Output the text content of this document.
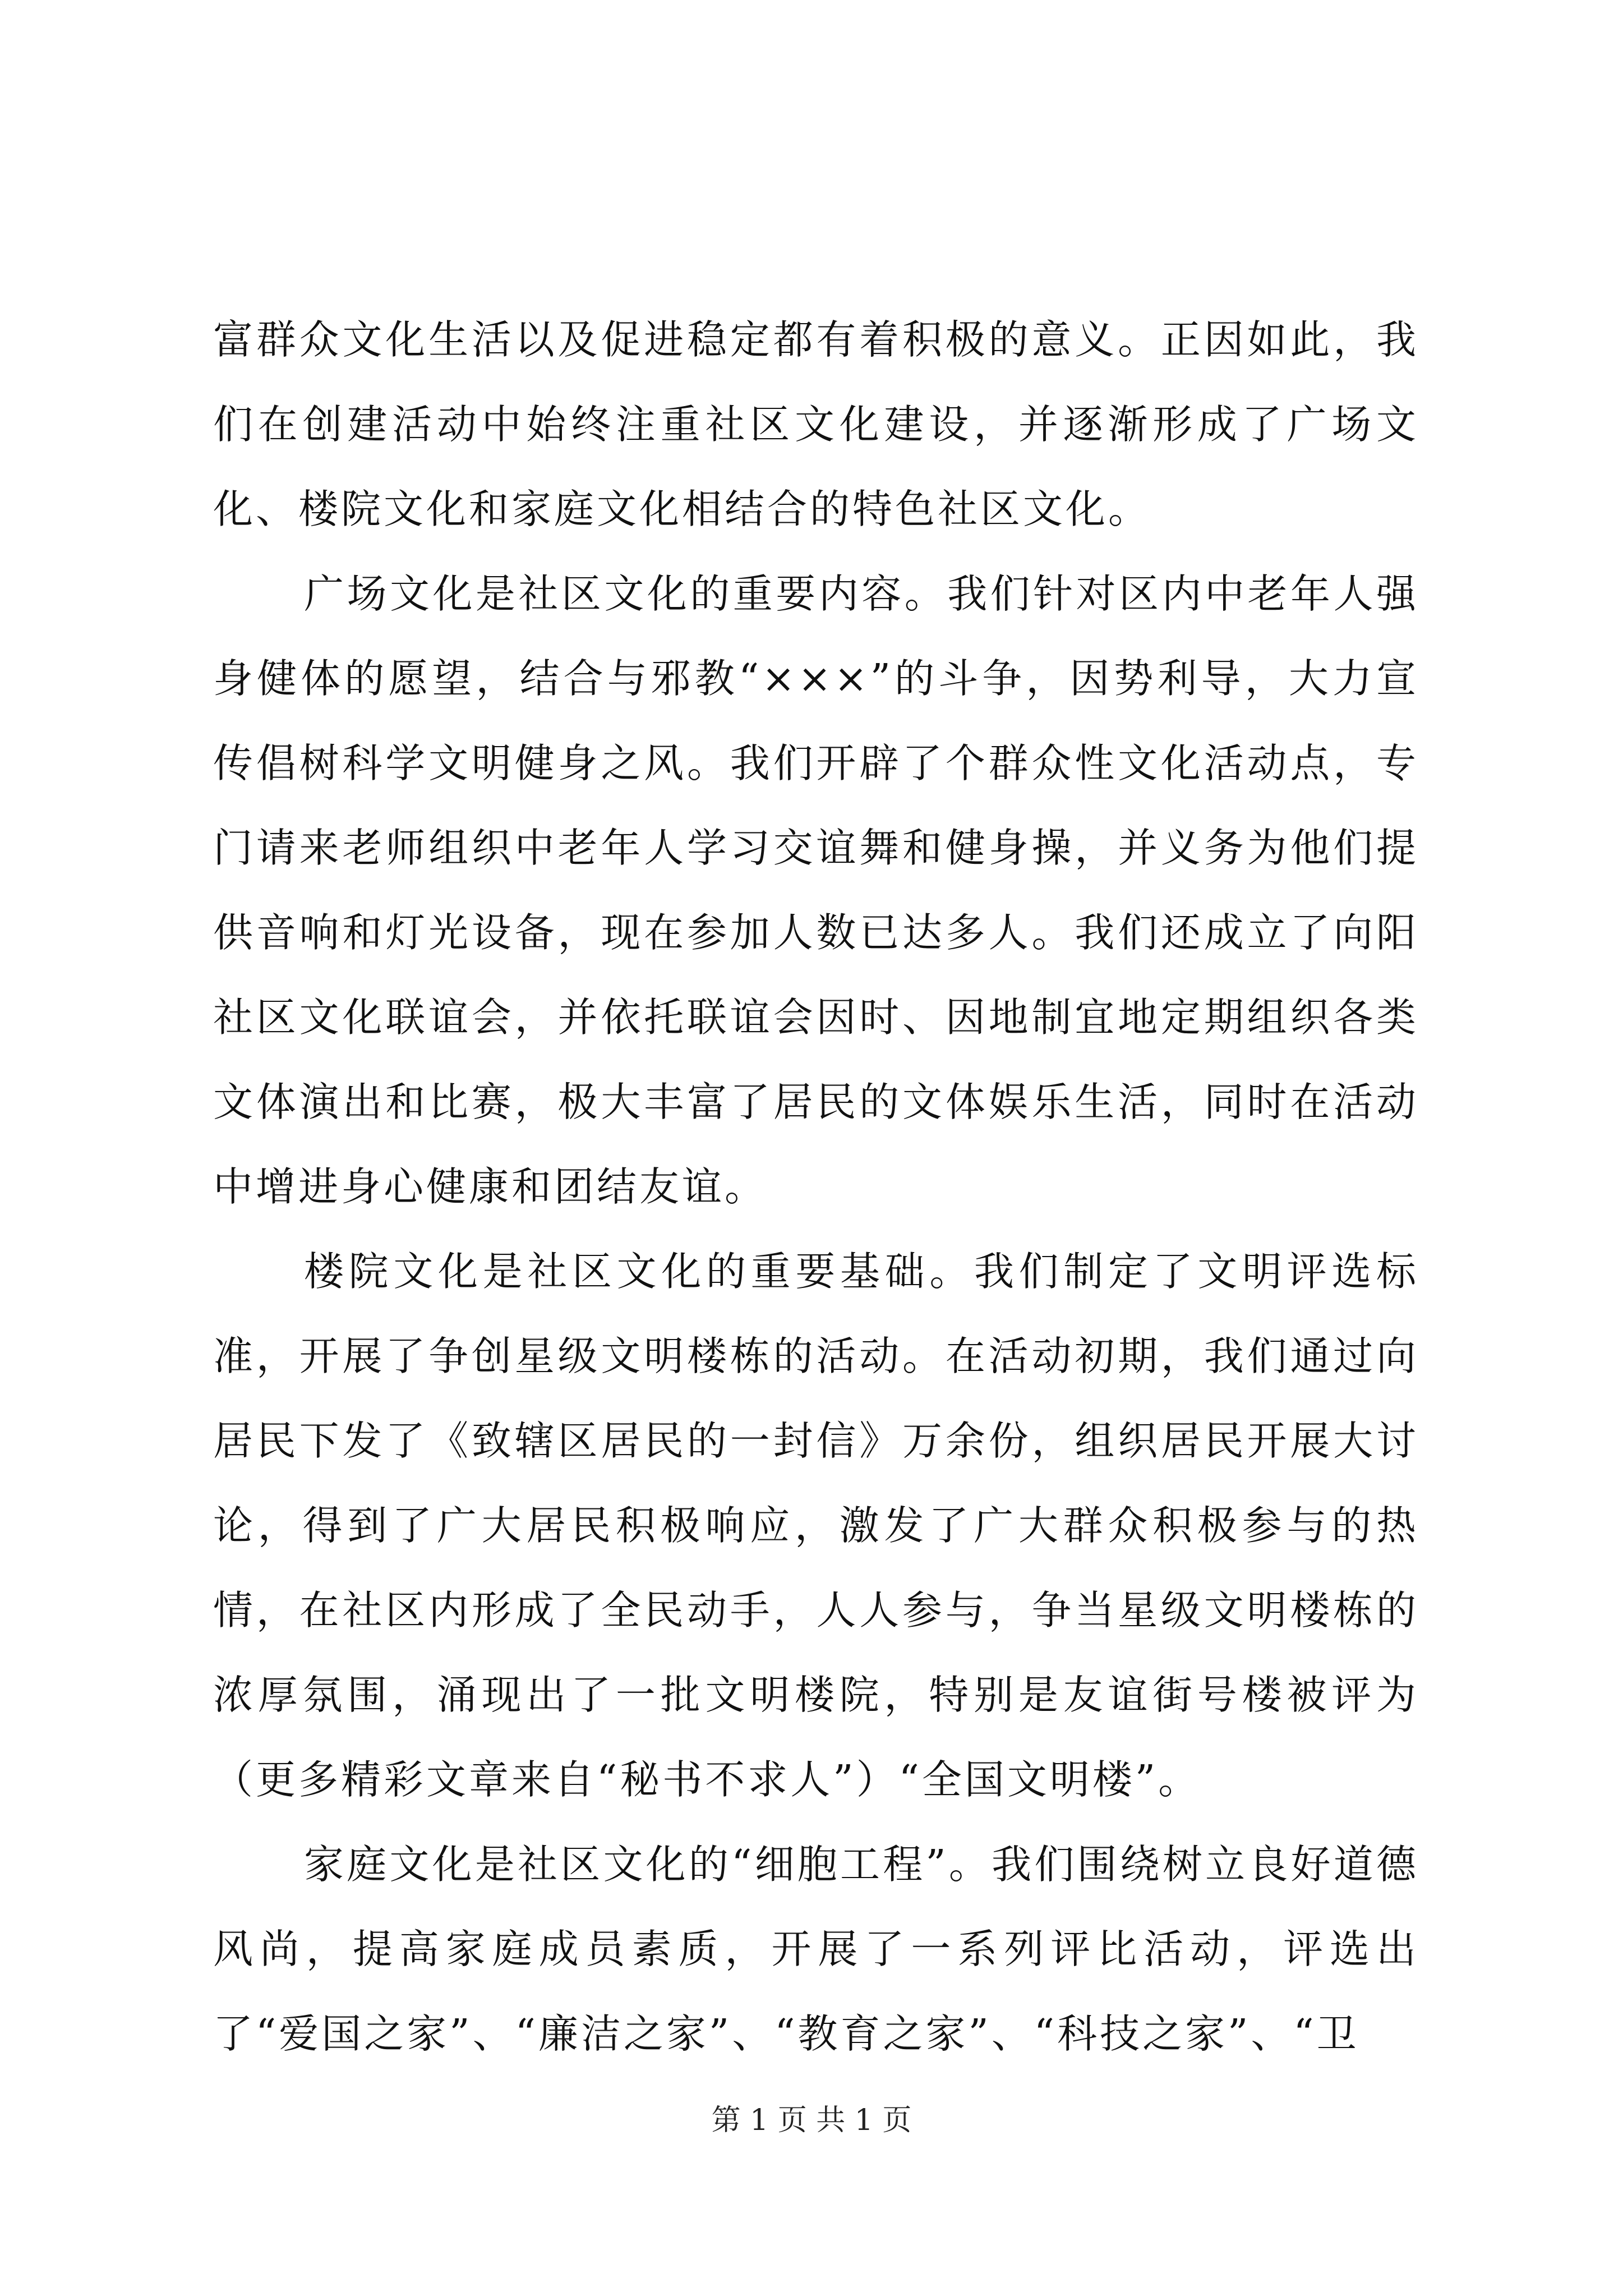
富群众文化生活以及促进稳定都有着积极的意义。正因如此，我们在创建活动中始终注重社区文化建设，并逐渐形成了广场文化、楼院文化和家庭文化相结合的特色社区文化。

广场文化是社区文化的重要内容。我们针对区内中老年人强身健体的愿望，结合与邪教“×××”的斗争，因势利导，大力宣传倡树科学文明健身之风。我们开辟了个群众性文化活动点，专门请来老师组织中老年人学习交谊舞和健身操，并义务为他们提供音响和灯光设备，现在参加人数已达多人。我们还成立了向阳社区文化联谊会，并依托联谊会因时、因地制宜地定期组织各类文体演出和比赛，极大丰富了居民的文体娱乐生活，同时在活动中增进身心健康和团结友谊。

楼院文化是社区文化的重要基础。我们制定了文明评选标准，开展了争创星级文明楼栋的活动。在活动初期，我们通过向居民下发了《致辖区居民的一封信》万余份，组织居民开展大讨论，得到了广大居民积极响应，激发了广大群众积极参与的热情，在社区内形成了全民动手，人人参与，争当星级文明楼栋的浓厚氛围，涌现出了一批文明楼院，特别是友谊街号楼被评为（更多精彩文章来自“秘书不求人”）“全国文明楼”。

家庭文化是社区文化的“细胞工程”。我们围绕树立良好道德风尚，提高家庭成员素质，开展了一系列评比活动，评选出了“爱国之家”、“廉洁之家”、“教育之家”、“科技之家”、“卫

第 1 页 共 1 页
